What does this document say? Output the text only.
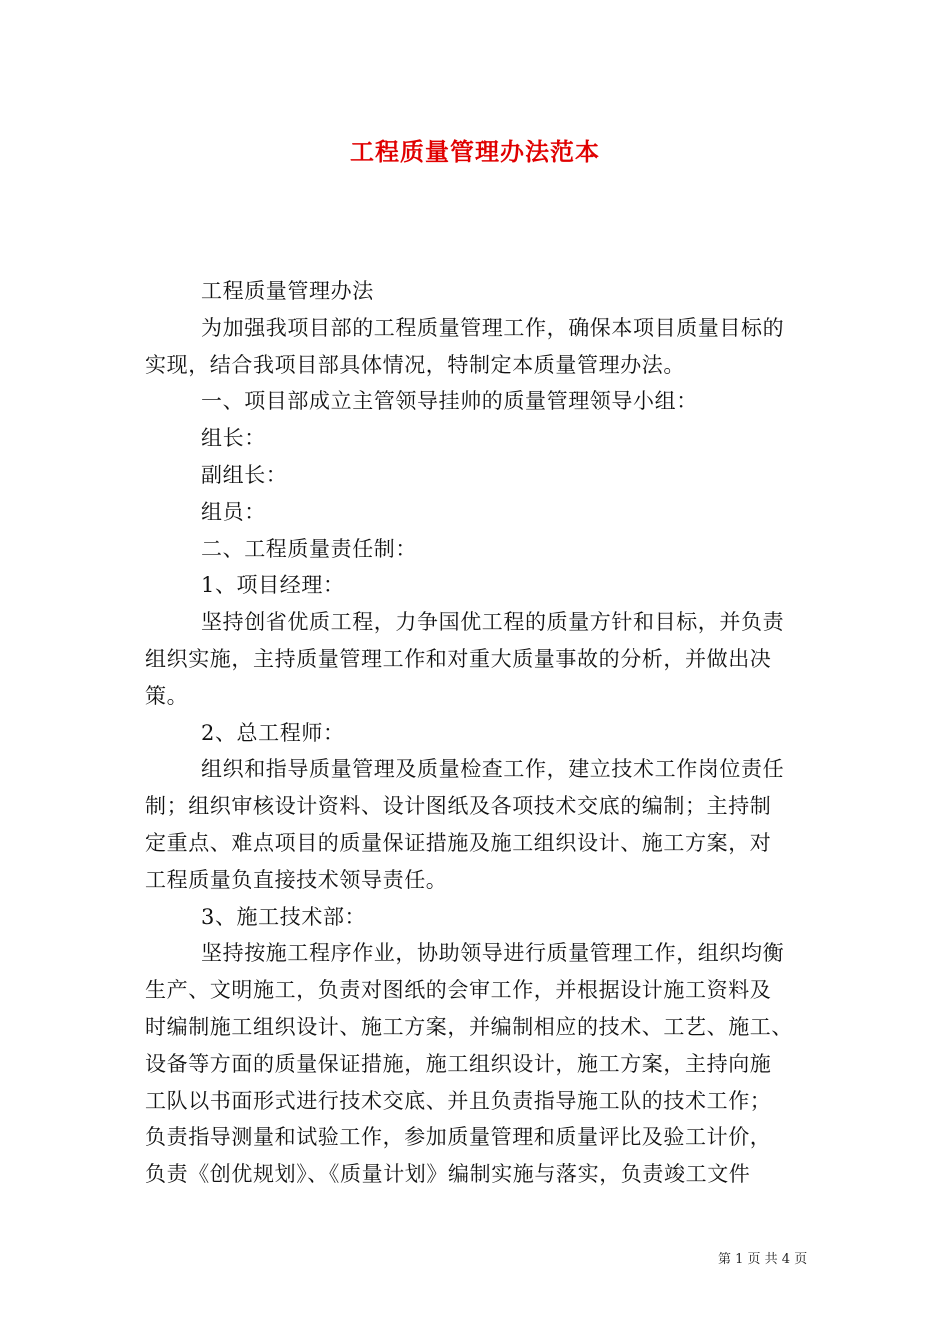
工程质量管理办法范本
工程质量管理办法
为加强我项目部的工程质量管理工作，确保本项目质量目标的
实现，结合我项目部具体情况，特制定本质量管理办法。
一、项目部成立主管领导挂帅的质量管理领导小组：
组长：
副组长：
组员：
二、工程质量责任制：
1、项目经理：
坚持创省优质工程，力争国优工程的质量方针和目标，并负责
组织实施，主持质量管理工作和对重大质量事故的分析，并做出决
策。
2、总工程师：
组织和指导质量管理及质量检查工作，建立技术工作岗位责任
制；组织审核设计资料、设计图纸及各项技术交底的编制；主持制
定重点、难点项目的质量保证措施及施工组织设计、施工方案，对
工程质量负直接技术领导责任。
3、施工技术部：
坚持按施工程序作业，协助领导进行质量管理工作，组织均衡
生产、文明施工，负责对图纸的会审工作，并根据设计施工资料及
时编制施工组织设计、施工方案，并编制相应的技术、工艺、施工、
设备等方面的质量保证措施，施工组织设计，施工方案，主持向施
工队以书面形式进行技术交底、并且负责指导施工队的技术工作；
负责指导测量和试验工作，参加质量管理和质量评比及验工计价，
负责《创优规划》、《质量计划》编制实施与落实，负责竣工文件
第 1 页 共 4 页
